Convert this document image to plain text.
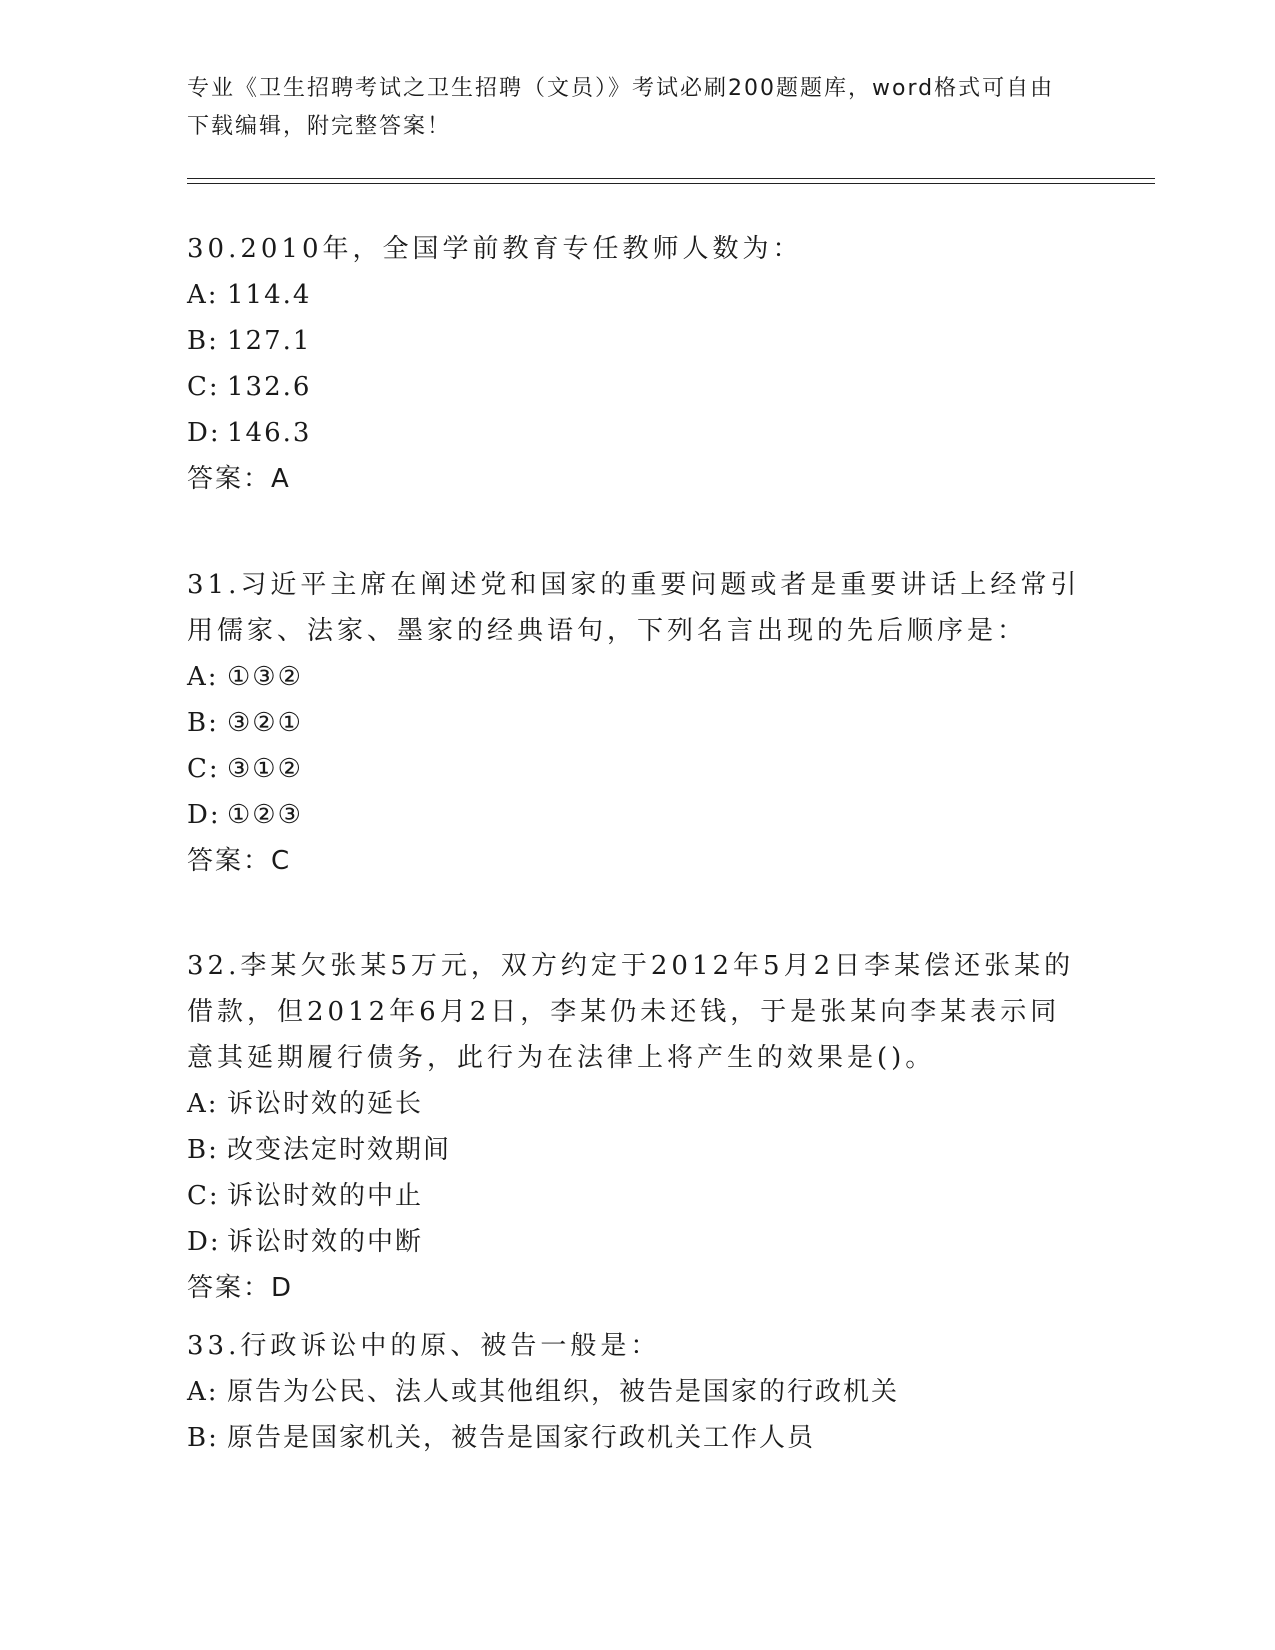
专业《卫生招聘考试之卫生招聘（文员）》考试必刷200题题库，word格式可自由下载编辑，附完整答案！

30.2010年，全国学前教育专任教师人数为：

A: 114.4
B: 127.1
C: 132.6
D: 146.3
答案：A

31.习近平主席在阐述党和国家的重要问题或者是重要讲话上经常引用儒家、法家、墨家的经典语句，下列名言出现的先后顺序是：

A: ①③②
B: ③②①
C: ③①②
D: ①②③
答案：C

32.李某欠张某5万元，双方约定于2012年5月2日李某偿还张某的借款，但2012年6月2日，李某仍未还钱，于是张某向李某表示同意其延期履行债务，此行为在法律上将产生的效果是()。

A: 诉讼时效的延长
B: 改变法定时效期间
C: 诉讼时效的中止
D: 诉讼时效的中断
答案：D

33.行政诉讼中的原、被告一般是：

A: 原告为公民、法人或其他组织，被告是国家的行政机关
B: 原告是国家机关，被告是国家行政机关工作人员
